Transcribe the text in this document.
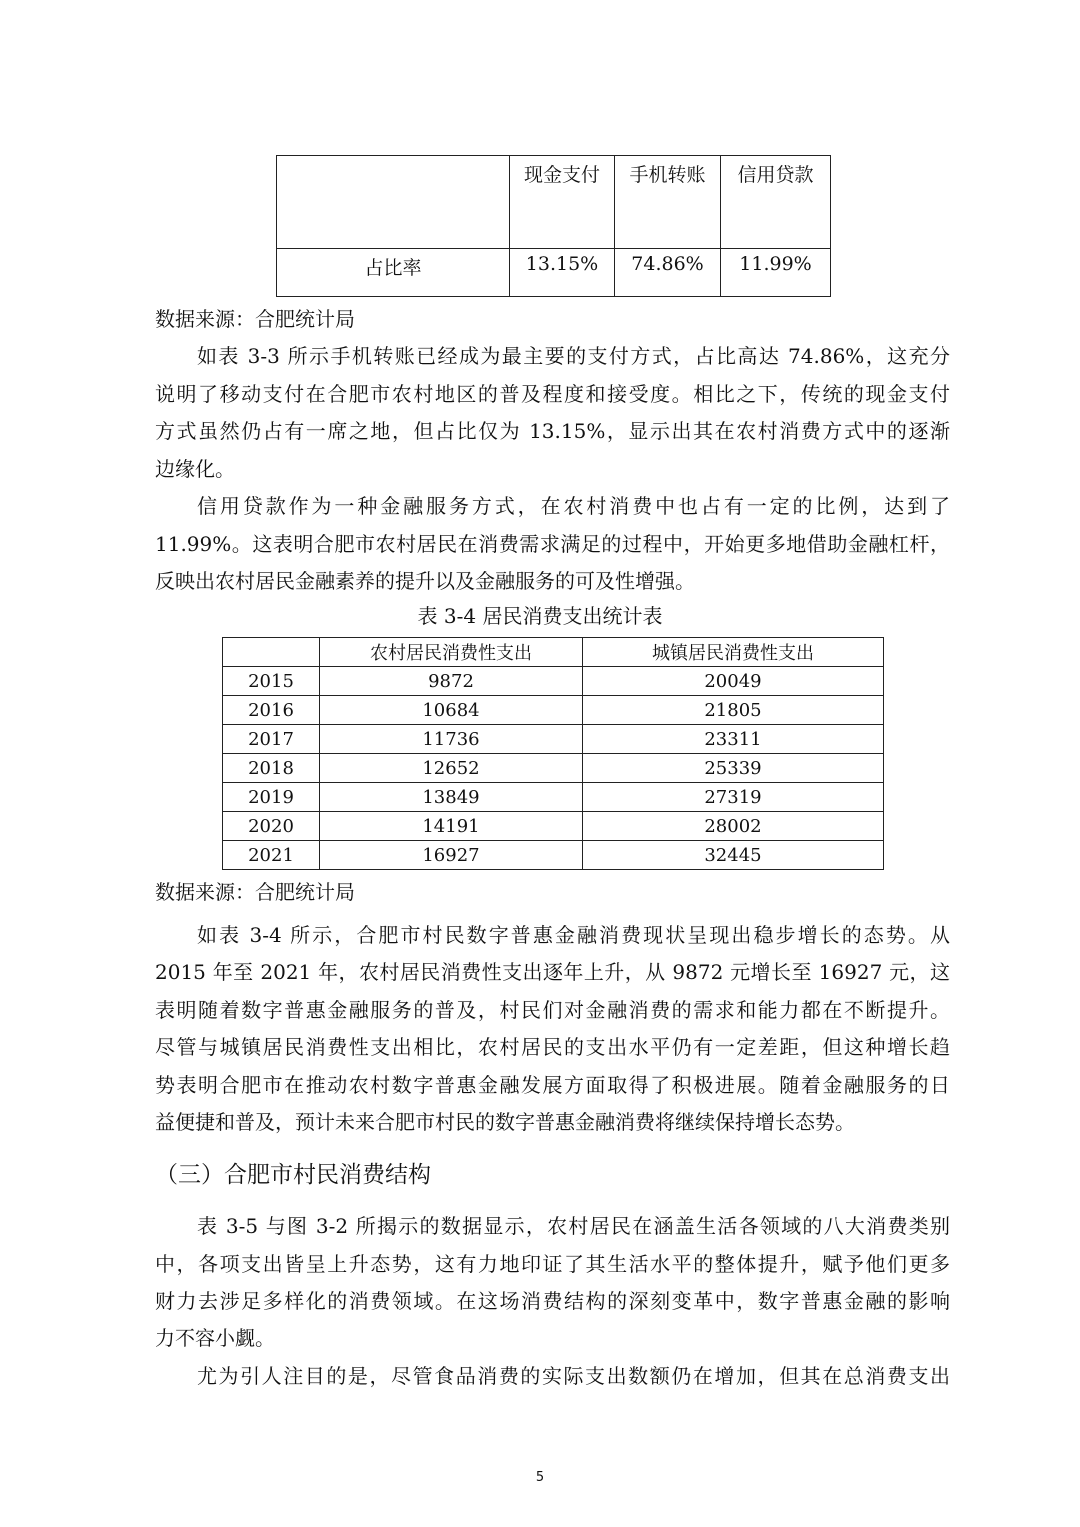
	现金支付	手机转账	信用贷款
占比率	13.15%	74.86%	11.99%
数据来源：合肥统计局
如表 3-3 所示手机转账已经成为最主要的支付方式，占比高达 74.86%，这充分
说明了移动支付在合肥市农村地区的普及程度和接受度。相比之下，传统的现金支付
方式虽然仍占有一席之地，但占比仅为 13.15%，显示出其在农村消费方式中的逐渐
边缘化。
信用贷款作为一种金融服务方式，在农村消费中也占有一定的比例，达到了
11.99%。这表明合肥市农村居民在消费需求满足的过程中，开始更多地借助金融杠杆，
反映出农村居民金融素养的提升以及金融服务的可及性增强。
表 3-4 居民消费支出统计表
	农村居民消费性支出	城镇居民消费性支出
2015	9872	20049
2016	10684	21805
2017	11736	23311
2018	12652	25339
2019	13849	27319
2020	14191	28002
2021	16927	32445
数据来源：合肥统计局
如表 3-4 所示，合肥市村民数字普惠金融消费现状呈现出稳步增长的态势。从
2015 年至 2021 年，农村居民消费性支出逐年上升，从 9872 元增长至 16927 元，这
表明随着数字普惠金融服务的普及，村民们对金融消费的需求和能力都在不断提升。
尽管与城镇居民消费性支出相比，农村居民的支出水平仍有一定差距，但这种增长趋
势表明合肥市在推动农村数字普惠金融发展方面取得了积极进展。随着金融服务的日
益便捷和普及，预计未来合肥市村民的数字普惠金融消费将继续保持增长态势。
（三）合肥市村民消费结构
表 3-5 与图 3-2 所揭示的数据显示，农村居民在涵盖生活各领域的八大消费类别
中，各项支出皆呈上升态势，这有力地印证了其生活水平的整体提升，赋予他们更多
财力去涉足多样化的消费领域。在这场消费结构的深刻变革中，数字普惠金融的影响
力不容小觑。
尤为引人注目的是，尽管食品消费的实际支出数额仍在增加，但其在总消费支出
5
